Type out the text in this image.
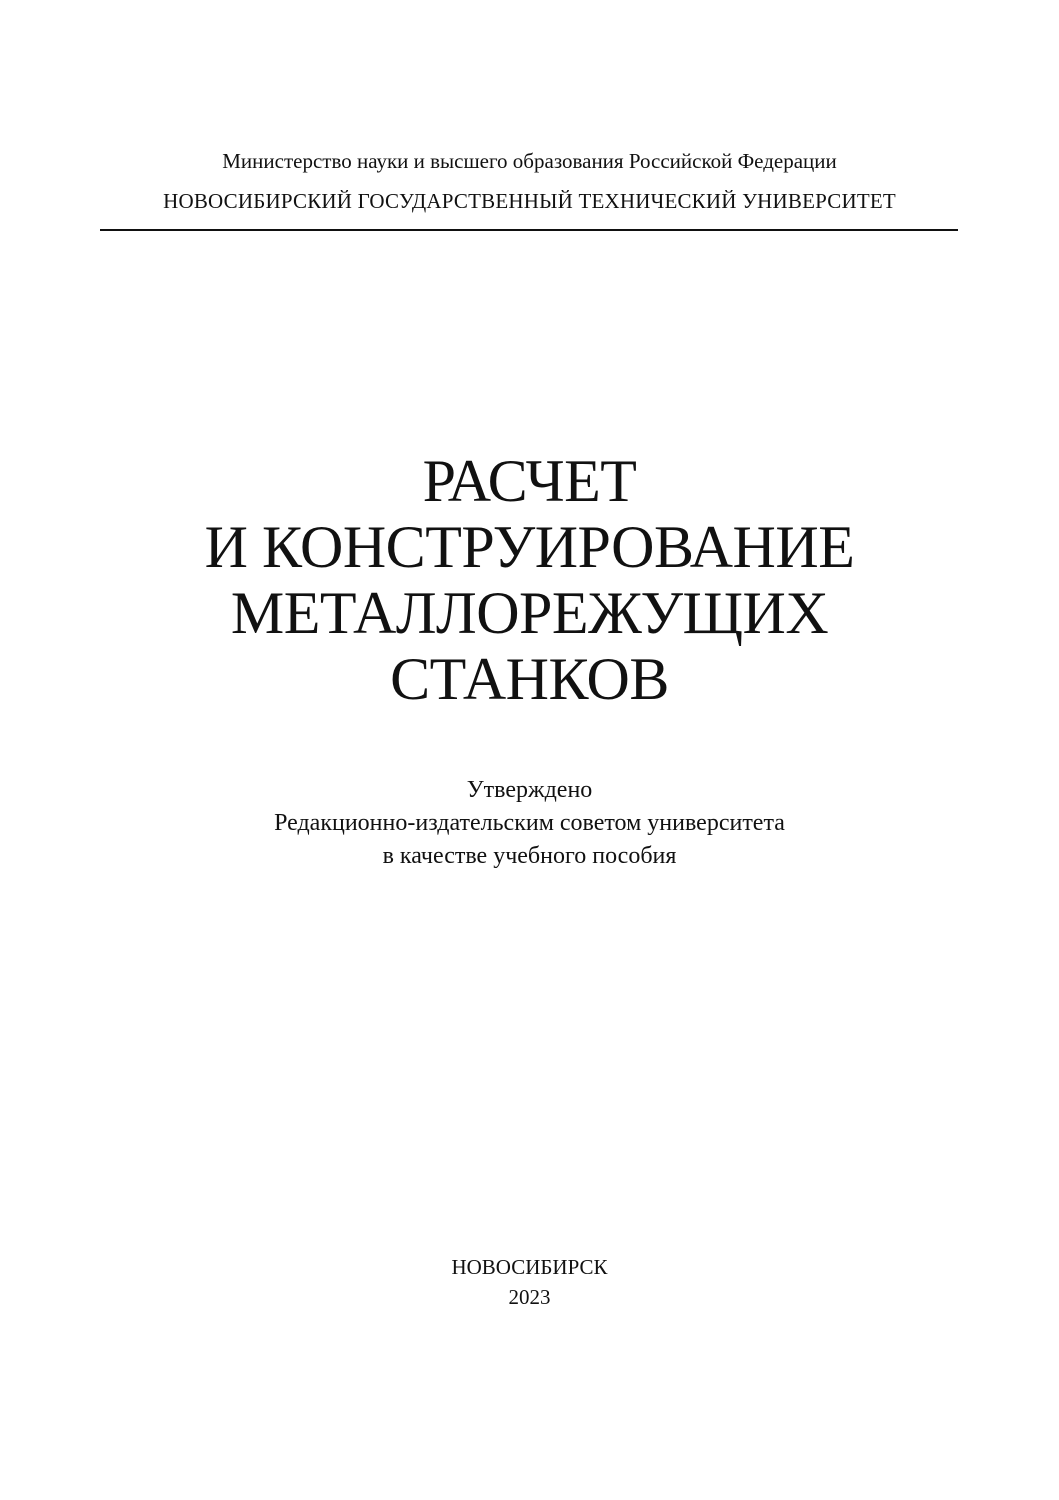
Министерство науки и высшего образования Российской Федерации
НОВОСИБИРСКИЙ ГОСУДАРСТВЕННЫЙ ТЕХНИЧЕСКИЙ УНИВЕРСИТЕТ
РАСЧЕТ
И КОНСТРУИРОВАНИЕ
МЕТАЛЛОРЕЖУЩИХ
СТАНКОВ
Утверждено
Редакционно-издательским советом университета
в качестве учебного пособия
НОВОСИБИРСК
2023
